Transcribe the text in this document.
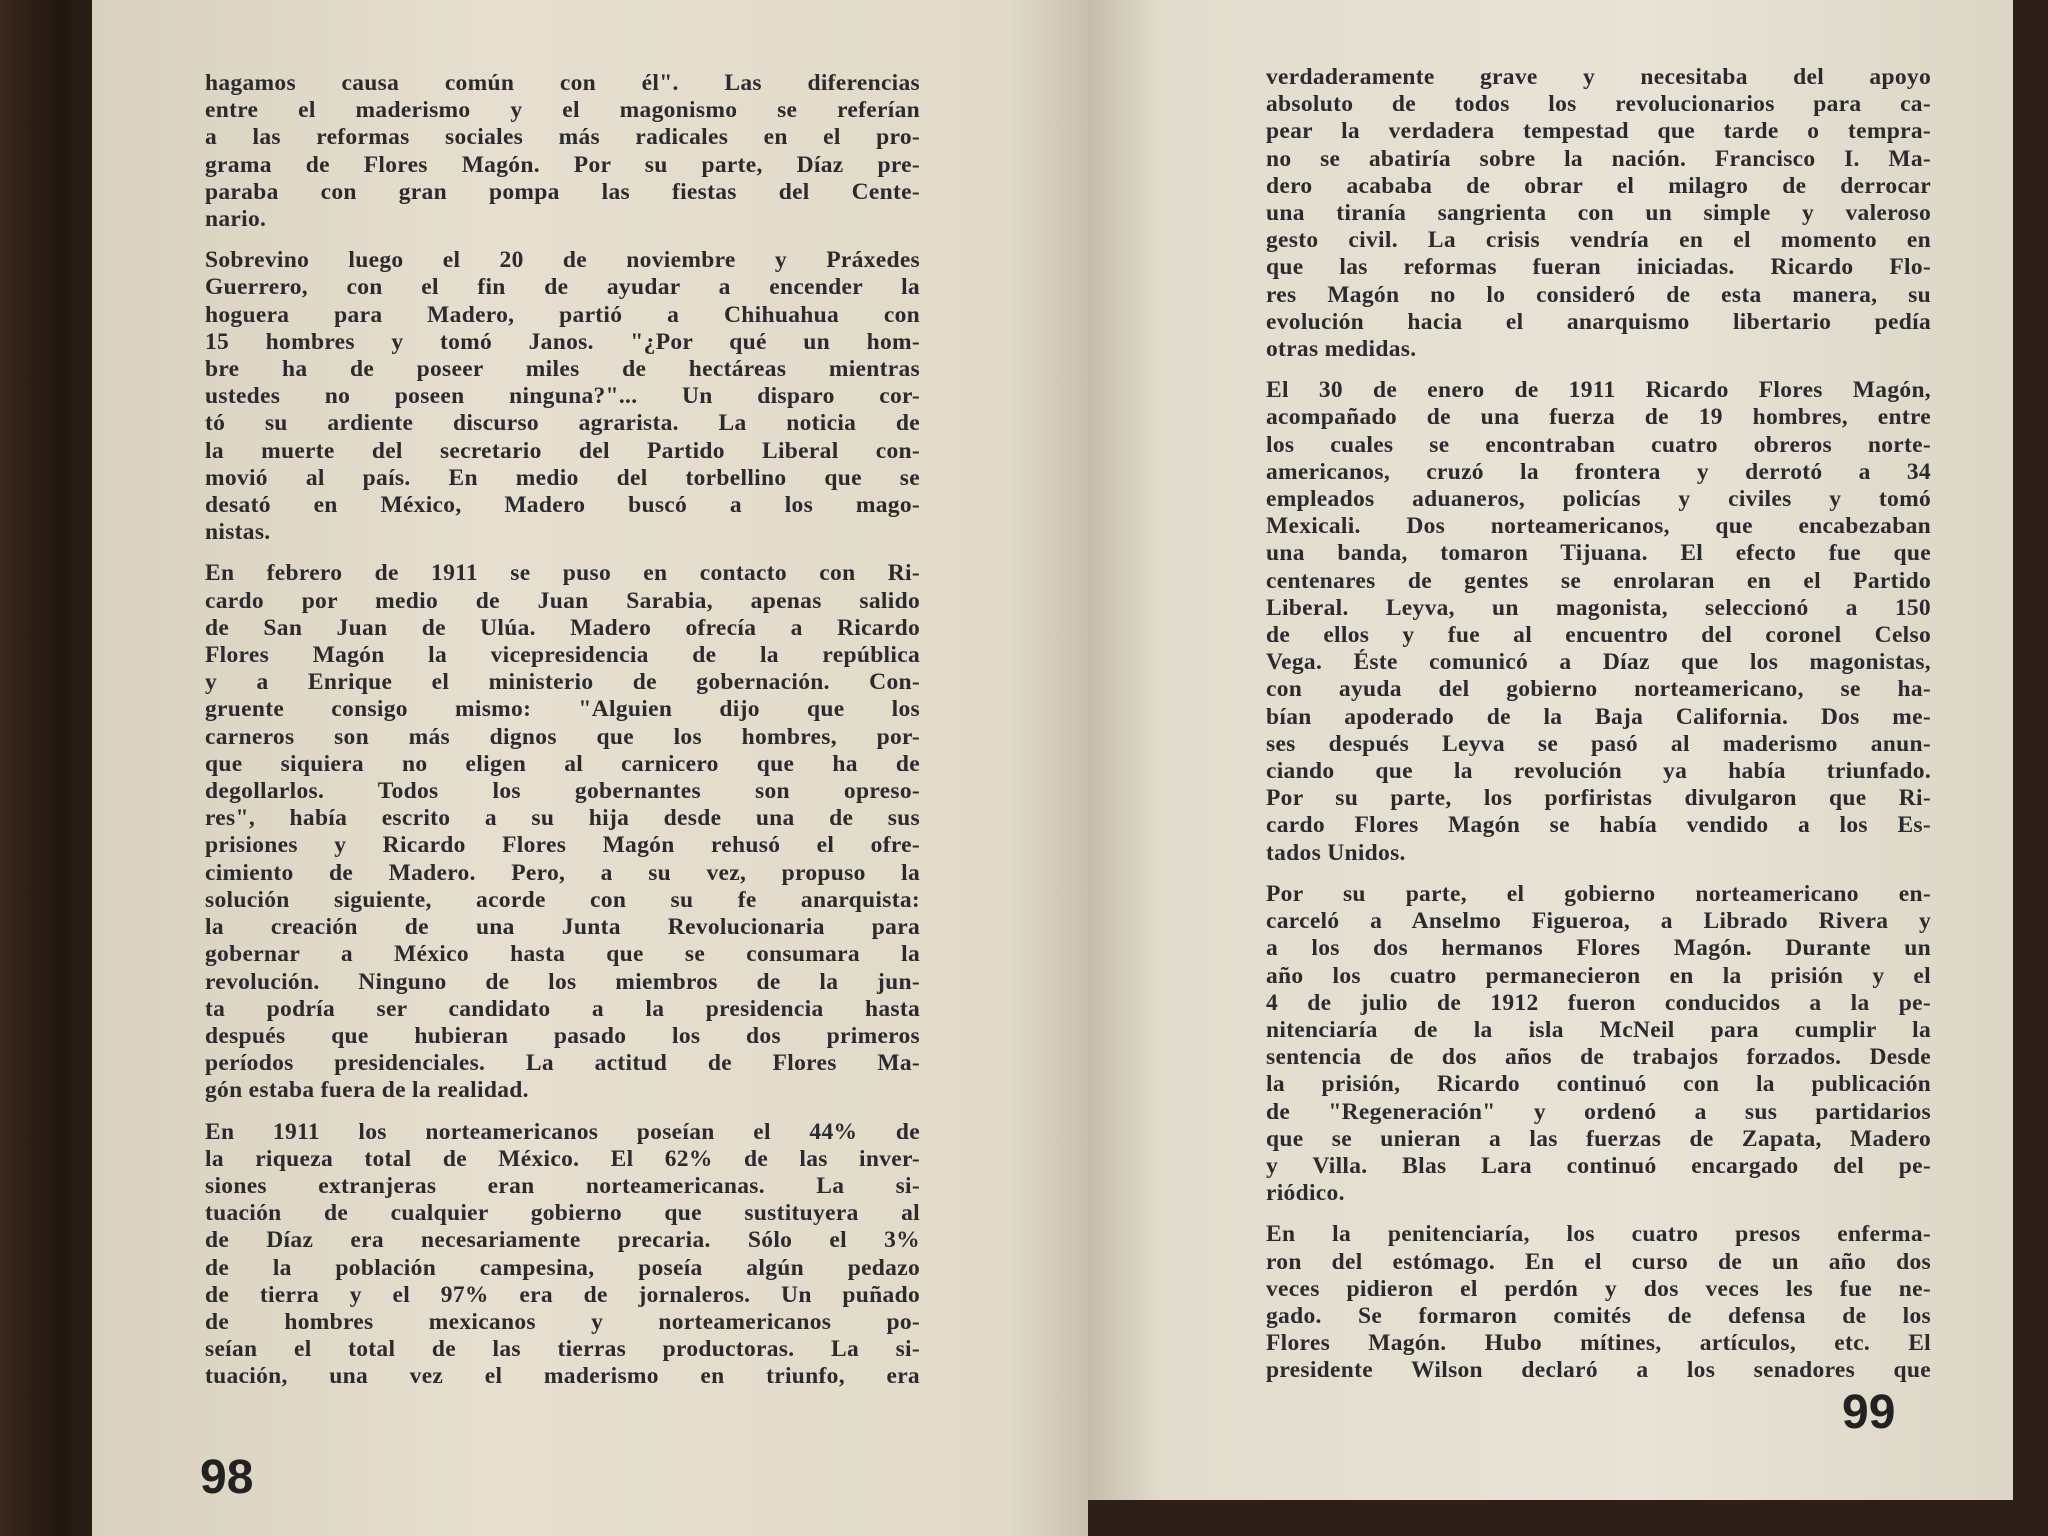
hagamos causa común con él". Las diferencias
entre el maderismo y el magonismo se referían
a las reformas sociales más radicales en el pro-
grama de Flores Magón. Por su parte, Díaz pre-
paraba con gran pompa las fiestas del Cente-
nario.

Sobrevino luego el 20 de noviembre y Práxedes
Guerrero, con el fin de ayudar a encender la
hoguera para Madero, partió a Chihuahua con
15 hombres y tomó Janos. "¿Por qué un hom-
bre ha de poseer miles de hectáreas mientras
ustedes no poseen ninguna?"... Un disparo cor-
tó su ardiente discurso agrarista. La noticia de
la muerte del secretario del Partido Liberal con-
movió al país. En medio del torbellino que se
desató en México, Madero buscó a los mago-
nistas.

En febrero de 1911 se puso en contacto con Ri-
cardo por medio de Juan Sarabia, apenas salido
de San Juan de Ulúa. Madero ofrecía a Ricardo
Flores Magón la vicepresidencia de la república
y a Enrique el ministerio de gobernación. Con-
gruente consigo mismo: "Alguien dijo que los
carneros son más dignos que los hombres, por-
que siquiera no eligen al carnicero que ha de
degollarlos. Todos los gobernantes son opreso-
res", había escrito a su hija desde una de sus
prisiones y Ricardo Flores Magón rehusó el ofre-
cimiento de Madero. Pero, a su vez, propuso la
solución siguiente, acorde con su fe anarquista:
la creación de una Junta Revolucionaria para
gobernar a México hasta que se consumara la
revolución. Ninguno de los miembros de la jun-
ta podría ser candidato a la presidencia hasta
después que hubieran pasado los dos primeros
períodos presidenciales. La actitud de Flores Ma-
gón estaba fuera de la realidad.

En 1911 los norteamericanos poseían el 44% de
la riqueza total de México. El 62% de las inver-
siones extranjeras eran norteamericanas. La si-
tuación de cualquier gobierno que sustituyera al
de Díaz era necesariamente precaria. Sólo el 3%
de la población campesina, poseía algún pedazo
de tierra y el 97% era de jornaleros. Un puñado
de hombres mexicanos y norteamericanos po-
seían el total de las tierras productoras. La si-
tuación, una vez el maderismo en triunfo, era

verdaderamente grave y necesitaba del apoyo
absoluto de todos los revolucionarios para ca-
pear la verdadera tempestad que tarde o tempra-
no se abatiría sobre la nación. Francisco I. Ma-
dero acababa de obrar el milagro de derrocar
una tiranía sangrienta con un simple y valeroso
gesto civil. La crisis vendría en el momento en
que las reformas fueran iniciadas. Ricardo Flo-
res Magón no lo consideró de esta manera, su
evolución hacia el anarquismo libertario pedía
otras medidas.

El 30 de enero de 1911 Ricardo Flores Magón,
acompañado de una fuerza de 19 hombres, entre
los cuales se encontraban cuatro obreros norte-
americanos, cruzó la frontera y derrotó a 34
empleados aduaneros, policías y civiles y tomó
Mexicali. Dos norteamericanos, que encabezaban
una banda, tomaron Tijuana. El efecto fue que
centenares de gentes se enrolaran en el Partido
Liberal. Leyva, un magonista, seleccionó a 150
de ellos y fue al encuentro del coronel Celso
Vega. Éste comunicó a Díaz que los magonistas,
con ayuda del gobierno norteamericano, se ha-
bían apoderado de la Baja California. Dos me-
ses después Leyva se pasó al maderismo anun-
ciando que la revolución ya había triunfado.
Por su parte, los porfiristas divulgaron que Ri-
cardo Flores Magón se había vendido a los Es-
tados Unidos.

Por su parte, el gobierno norteamericano en-
carceló a Anselmo Figueroa, a Librado Rivera y
a los dos hermanos Flores Magón. Durante un
año los cuatro permanecieron en la prisión y el
4 de julio de 1912 fueron conducidos a la pe-
nitenciaría de la isla McNeil para cumplir la
sentencia de dos años de trabajos forzados. Desde
la prisión, Ricardo continuó con la publicación
de "Regeneración" y ordenó a sus partidarios
que se unieran a las fuerzas de Zapata, Madero
y Villa. Blas Lara continuó encargado del pe-
riódico.

En la penitenciaría, los cuatro presos enferma-
ron del estómago. En el curso de un año dos
veces pidieron el perdón y dos veces les fue ne-
gado. Se formaron comités de defensa de los
Flores Magón. Hubo mítines, artículos, etc. El
presidente Wilson declaró a los senadores que

98
99
